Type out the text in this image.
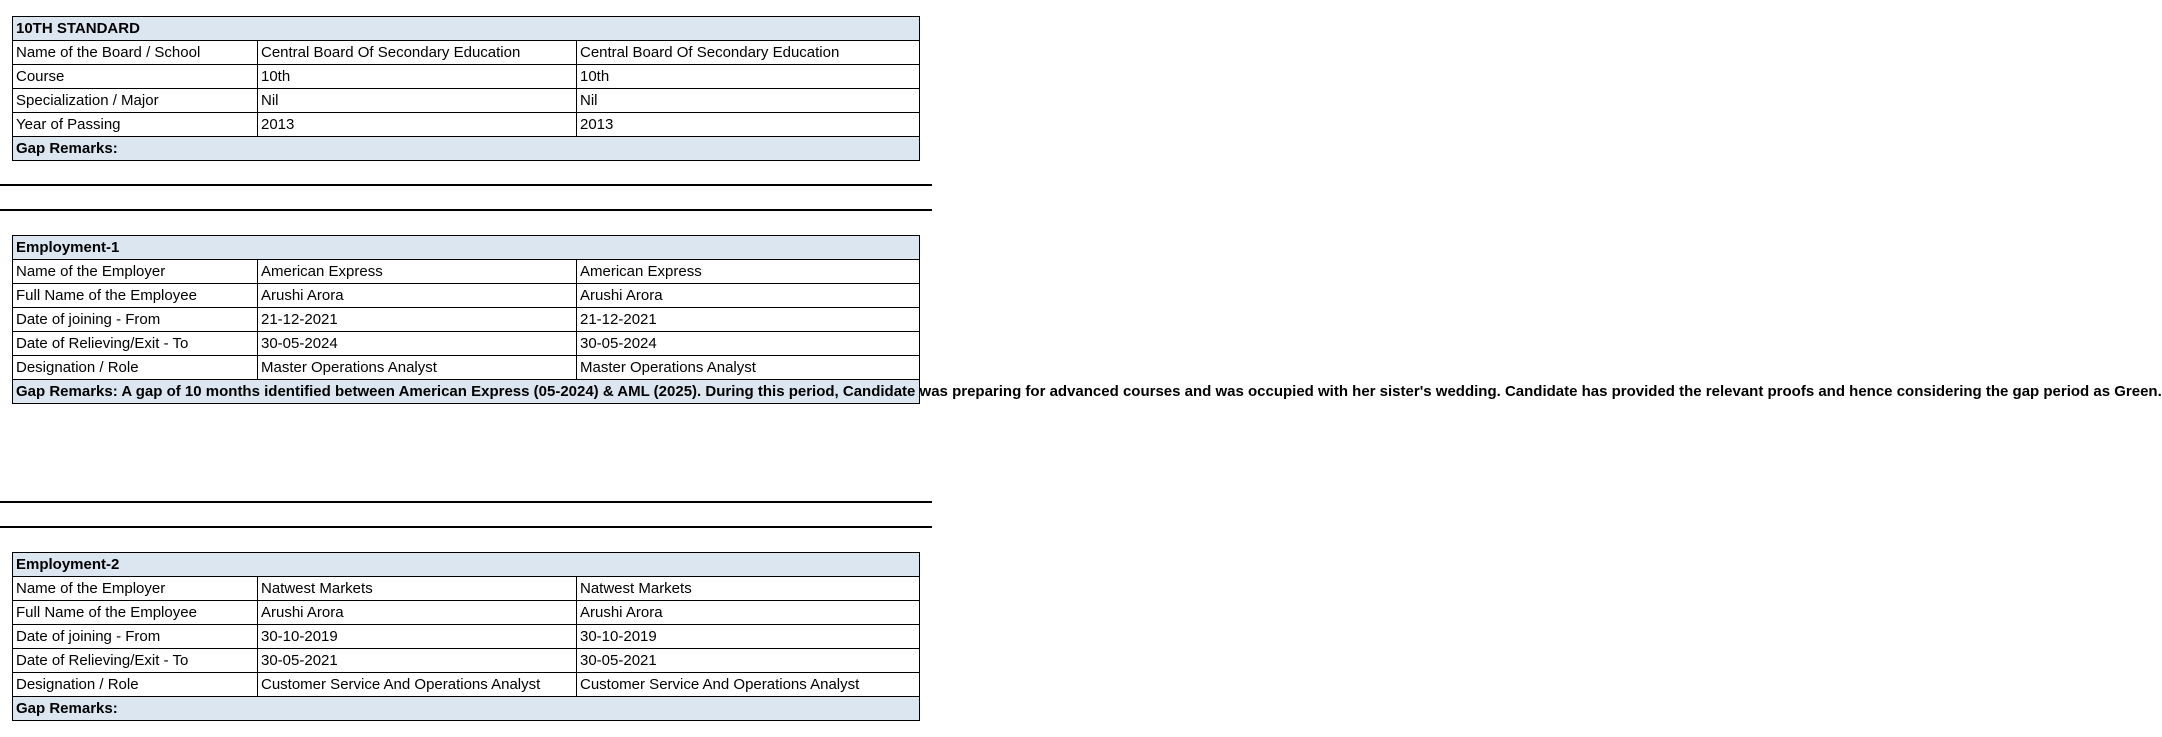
10TH STANDARD		
Name of the Board / School	Central Board Of Secondary Education	Central Board Of Secondary Education
Course	10th	10th
Specialization / Major	Nil	Nil
Year of Passing	2013	2013
Gap Remarks:		
Employment-1		
Name of the Employer	American Express	American Express
Full Name of the Employee	Arushi Arora	Arushi Arora
Date of joining - From	21-12-2021	21-12-2021
Date of Relieving/Exit - To	30-05-2024	30-05-2024
Designation / Role	Master Operations Analyst	Master Operations Analyst
Gap Remarks: A gap of 10 months identified between American Express (05-2024) & AML (2025). During this period, Candidate was preparing for advanced courses and was occupied with her sister's wedding. Candidate has provided the relevant proofs and hence considering the gap period as Green.		
Employment-2		
Name of the Employer	Natwest Markets	Natwest Markets
Full Name of the Employee	Arushi Arora	Arushi Arora
Date of joining - From	30-10-2019	30-10-2019
Date of Relieving/Exit - To	30-05-2021	30-05-2021
Designation / Role	Customer Service And Operations Analyst	Customer Service And Operations Analyst
Gap Remarks:		
